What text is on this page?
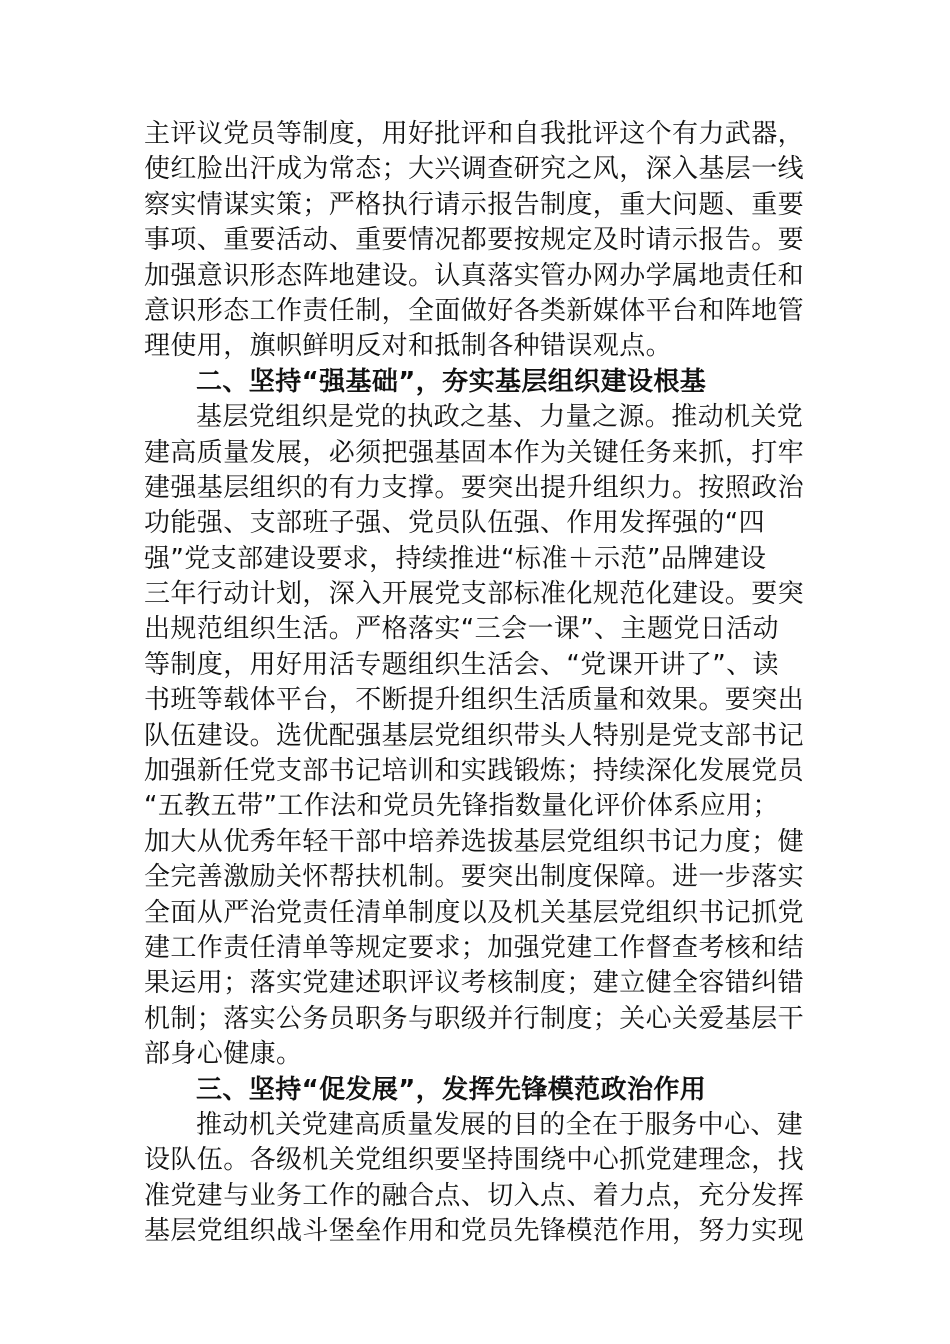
主评议党员等制度，用好批评和自我批评这个有力武器，
使红脸出汗成为常态；大兴调查研究之风，深入基层一线
察实情谋实策；严格执行请示报告制度，重大问题、重要
事项、重要活动、重要情况都要按规定及时请示报告。要
加强意识形态阵地建设。认真落实管办网办学属地责任和
意识形态工作责任制，全面做好各类新媒体平台和阵地管
理使用，旗帜鲜明反对和抵制各种错误观点。
二、坚持“强基础”，夯实基层组织建设根基
基层党组织是党的执政之基、力量之源。推动机关党
建高质量发展，必须把强基固本作为关键任务来抓，打牢
建强基层组织的有力支撑。要突出提升组织力。按照政治
功能强、支部班子强、党员队伍强、作用发挥强的“四
强”党支部建设要求，持续推进“标准＋示范”品牌建设
三年行动计划，深入开展党支部标准化规范化建设。要突
出规范组织生活。严格落实“三会一课”、主题党日活动
等制度，用好用活专题组织生活会、“党课开讲了”、读
书班等载体平台，不断提升组织生活质量和效果。要突出
队伍建设。选优配强基层党组织带头人特别是党支部书记
加强新任党支部书记培训和实践锻炼；持续深化发展党员
“五教五带”工作法和党员先锋指数量化评价体系应用；
加大从优秀年轻干部中培养选拔基层党组织书记力度；健
全完善激励关怀帮扶机制。要突出制度保障。进一步落实
全面从严治党责任清单制度以及机关基层党组织书记抓党
建工作责任清单等规定要求；加强党建工作督查考核和结
果运用；落实党建述职评议考核制度；建立健全容错纠错
机制；落实公务员职务与职级并行制度；关心关爱基层干
部身心健康。
三、坚持“促发展”，发挥先锋模范政治作用
推动机关党建高质量发展的目的全在于服务中心、建
设队伍。各级机关党组织要坚持围绕中心抓党建理念，找
准党建与业务工作的融合点、切入点、着力点，充分发挥
基层党组织战斗堡垒作用和党员先锋模范作用，努力实现
